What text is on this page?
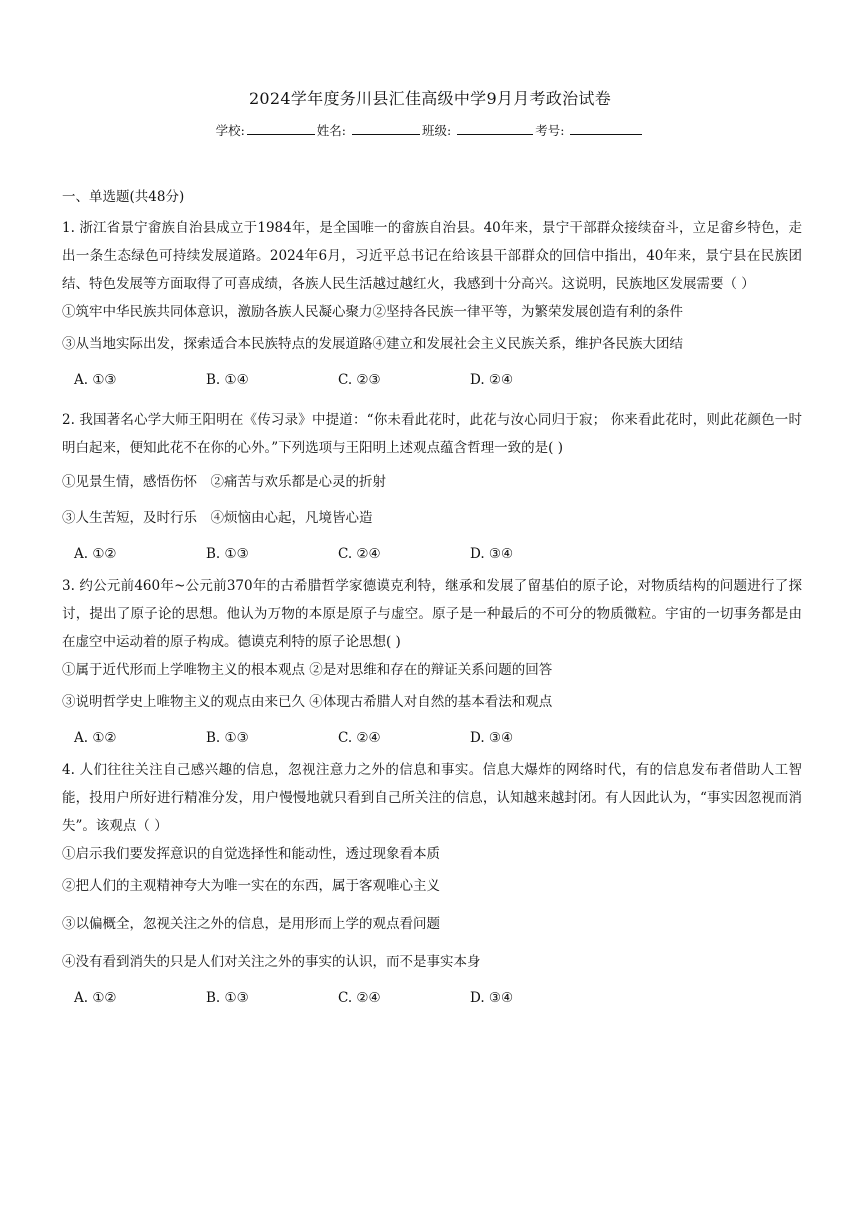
2024学年度务川县汇佳高级中学9月月考政治试卷
学校:	姓名:	班级:	考号:
一、单选题(共48分)
1. 浙江省景宁畲族自治县成立于1984年，是全国唯一的畲族自治县。40年来，景宁干部群众接续奋斗，立足畲乡特色，走出一条生态绿色可持续发展道路。2024年6月，习近平总书记在给该县干部群众的回信中指出，40年来，景宁县在民族团结、特色发展等方面取得了可喜成绩，各族人民生活越过越红火，我感到十分高兴。这说明，民族地区发展需要（ ）
①筑牢中华民族共同体意识，激励各族人民凝心聚力②坚持各民族一律平等，为繁荣发展创造有利的条件
③从当地实际出发，探索适合本民族特点的发展道路④建立和发展社会主义民族关系，维护各民族大团结
A. ①③	B. ①④	C. ②③	D. ②④
2. 我国著名心学大师王阳明在《传习录》中提道：“你未看此花时，此花与汝心同归于寂； 你来看此花时，则此花颜色一时明白起来，便知此花不在你的心外。”下列选项与王阳明上述观点蕴含哲理一致的是( )
①见景生情，感悟伤怀　②痛苦与欢乐都是心灵的折射
③人生苦短，及时行乐　④烦恼由心起，凡境皆心造
A. ①②	B. ①③	C. ②④	D. ③④
3. 约公元前460年~公元前370年的古希腊哲学家德谟克利特，继承和发展了留基伯的原子论，对物质结构的问题进行了探讨，提出了原子论的思想。他认为万物的本原是原子与虚空。原子是一种最后的不可分的物质微粒。宇宙的一切事务都是由在虚空中运动着的原子构成。德谟克利特的原子论思想( )
①属于近代形而上学唯物主义的根本观点 ②是对思维和存在的辩证关系问题的回答
③说明哲学史上唯物主义的观点由来已久 ④体现古希腊人对自然的基本看法和观点
A. ①②	B. ①③	C. ②④	D. ③④
4. 人们往往关注自己感兴趣的信息，忽视注意力之外的信息和事实。信息大爆炸的网络时代，有的信息发布者借助人工智能，投用户所好进行精准分发，用户慢慢地就只看到自己所关注的信息，认知越来越封闭。有人因此认为，“事实因忽视而消失”。该观点（ ）
①启示我们要发挥意识的自觉选择性和能动性，透过现象看本质
②把人们的主观精神夸大为唯一实在的东西，属于客观唯心主义
③以偏概全，忽视关注之外的信息，是用形而上学的观点看问题
④没有看到消失的只是人们对关注之外的事实的认识，而不是事实本身
A. ①②	B. ①③	C. ②④	D. ③④
